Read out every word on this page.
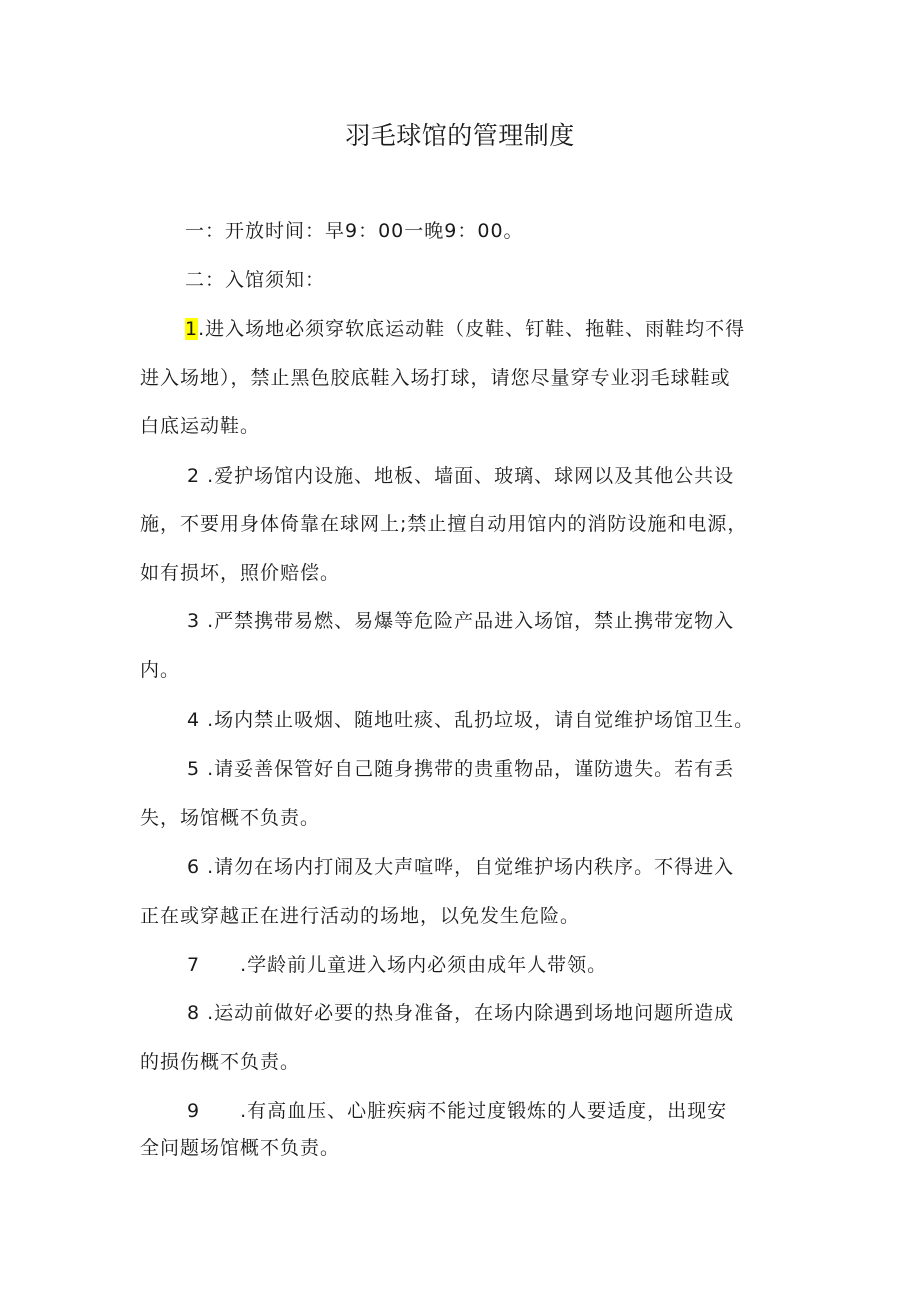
羽毛球馆的管理制度
一：开放时间：早9：00一晚9：00。
二：入馆须知：
1.进入场地必须穿软底运动鞋（皮鞋、钉鞋、拖鞋、雨鞋均不得
进入场地），禁止黑色胶底鞋入场打球，请您尽量穿专业羽毛球鞋或
白底运动鞋。
2 .爱护场馆内设施、地板、墙面、玻璃、球网以及其他公共设
施，不要用身体倚靠在球网上;禁止擅自动用馆内的消防设施和电源，
如有损坏，照价赔偿。
3 .严禁携带易燃、易爆等危险产品进入场馆，禁止携带宠物入
内。
4 .场内禁止吸烟、随地吐痰、乱扔垃圾，请自觉维护场馆卫生。
5 .请妥善保管好自己随身携带的贵重物品，谨防遗失。若有丢
失，场馆概不负责。
6 .请勿在场内打闹及大声喧哗，自觉维护场内秩序。不得进入
正在或穿越正在进行活动的场地，以免发生危险。
7　　.学龄前儿童进入场内必须由成年人带领。
8 .运动前做好必要的热身准备，在场内除遇到场地问题所造成
的损伤概不负责。
9　　.有高血压、心脏疾病不能过度锻炼的人要适度，出现安
全问题场馆概不负责。
